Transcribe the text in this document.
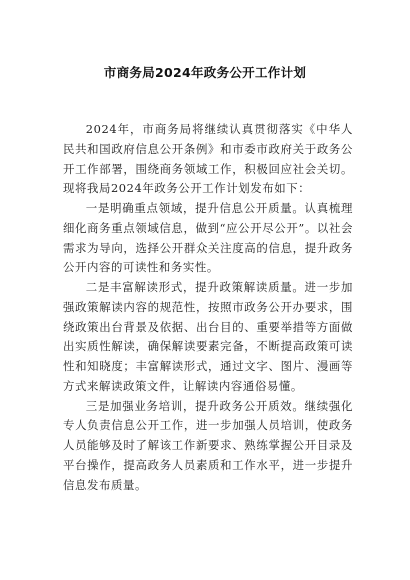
市商务局2024年政务公开工作计划

2024年，市商务局将继续认真贯彻落实《中华人民共和国政府信息公开条例》和市委市政府关于政务公开工作部署，围绕商务领域工作，积极回应社会关切。现将我局2024年政务公开工作计划发布如下：

一是明确重点领域，提升信息公开质量。认真梳理细化商务重点领域信息，做到“应公开尽公开”。以社会需求为导向，选择公开群众关注度高的信息，提升政务公开内容的可读性和务实性。

二是丰富解读形式，提升政策解读质量。进一步加强政策解读内容的规范性，按照市政务公开办要求，围绕政策出台背景及依据、出台目的、重要举措等方面做出实质性解读，确保解读要素完备，不断提高政策可读性和知晓度；丰富解读形式，通过文字、图片、漫画等方式来解读政策文件，让解读内容通俗易懂。

三是加强业务培训，提升政务公开质效。继续强化专人负责信息公开工作，进一步加强人员培训，使政务人员能够及时了解该工作新要求、熟练掌握公开目录及平台操作，提高政务人员素质和工作水平，进一步提升信息发布质量。
